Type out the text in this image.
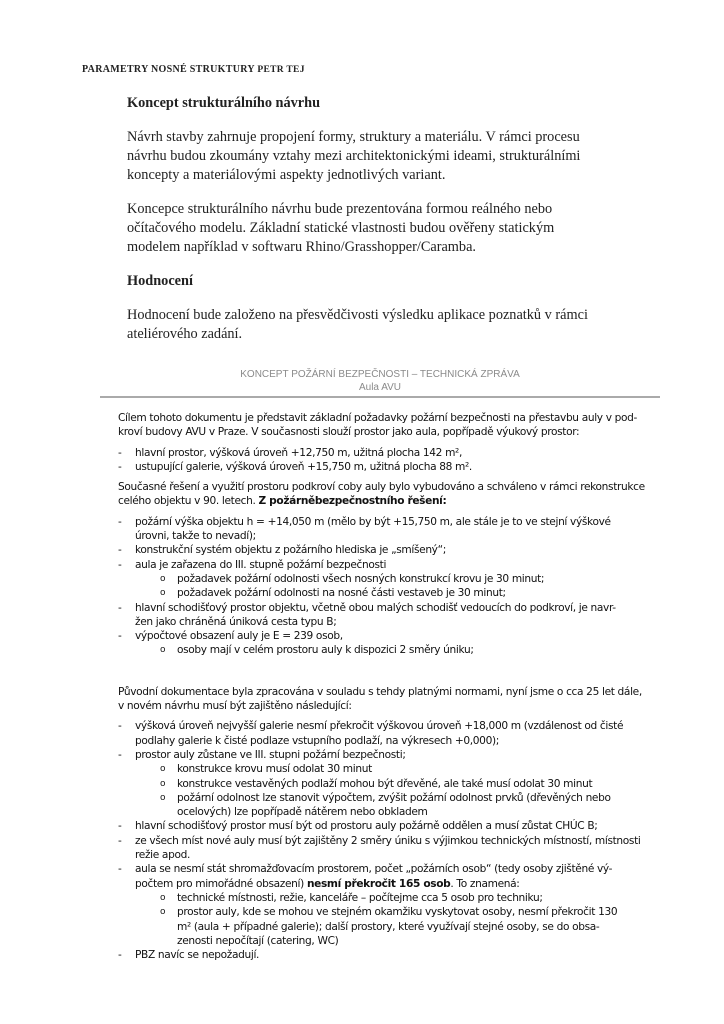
PARAMETRY NOSNÉ STRUKTURY PETR TEJ
Koncept strukturálního návrhu
Návrh stavby zahrnuje propojení formy, struktury a materiálu. V rámci procesu
návrhu budou zkoumány vztahy mezi architektonickými ideami, strukturálními
koncepty a materiálovými aspekty jednotlivých variant.
Koncepce strukturálního návrhu bude prezentována formou reálného nebo
očítačového modelu. Základní statické vlastnosti budou ověřeny statickým
modelem například v softwaru Rhino/Grasshopper/Caramba.
Hodnocení
Hodnocení bude založeno na přesvědčivosti výsledku aplikace poznatků v rámci
ateliérového zadání.
KONCEPT POŽÁRNÍ BEZPEČNOSTI – TECHNICKÁ ZPRÁVA
Aula AVU
Cílem tohoto dokumentu je představit základní požadavky požární bezpečnosti na přestavbu auly v pod-
kroví budovy AVU v Praze. V současnosti slouží prostor jako aula, popřípadě výukový prostor:
- hlavní prostor, výšková úroveň +12,750 m, užitná plocha 142 m²,
- ustupující galerie, výšková úroveň +15,750 m, užitná plocha 88 m².
Současné řešení a využití prostoru podkroví coby auly bylo vybudováno a schváleno v rámci rekonstrukce
celého objektu v 90. letech. Z požárněbezpečnostního řešení:
- požární výška objektu h = +14,050 m (mělo by být +15,750 m, ale stále je to ve stejní výškové
úrovni, takže to nevadí);
- konstrukční systém objektu z požárního hlediska je „smíšený“;
- aula je zařazena do III. stupně požární bezpečnosti
o požadavek požární odolnosti všech nosných konstrukcí krovu je 30 minut;
o požadavek požární odolnosti na nosné části vestaveb je 30 minut;
- hlavní schodišťový prostor objektu, včetně obou malých schodišť vedoucích do podkroví, je navr-
žen jako chráněná úniková cesta typu B;
- výpočtové obsazení auly je E = 239 osob,
o osoby mají v celém prostoru auly k dispozici 2 směry úniku;
Původní dokumentace byla zpracována v souladu s tehdy platnými normami, nyní jsme o cca 25 let dále,
v novém návrhu musí být zajištěno následující:
- výšková úroveň nejvyšší galerie nesmí překročit výškovou úroveň +18,000 m (vzdálenost od čisté
podlahy galerie k čisté podlaze vstupního podlaží, na výkresech +0,000);
- prostor auly zůstane ve III. stupni požární bezpečnosti;
o konstrukce krovu musí odolat 30 minut
o konstrukce vestavěných podlaží mohou být dřevěné, ale také musí odolat 30 minut
o požární odolnost lze stanovit výpočtem, zvýšit požární odolnost prvků (dřevěných nebo
ocelových) lze popřípadě nátěrem nebo obkladem
- hlavní schodišťový prostor musí být od prostoru auly požárně oddělen a musí zůstat CHÚC B;
- ze všech míst nové auly musí být zajištěny 2 směry úniku s výjimkou technických místností, místnosti
režie apod.
- aula se nesmí stát shromažďovacím prostorem, počet „požárních osob“ (tedy osoby zjištěné vý-
počtem pro mimořádné obsazení) nesmí překročit 165 osob. To znamená:
o technické místnosti, režie, kanceláře – počítejme cca 5 osob pro techniku;
o prostor auly, kde se mohou ve stejném okamžiku vyskytovat osoby, nesmí překročit 130
m² (aula + případné galerie); další prostory, které využívají stejné osoby, se do obsa-
zenosti nepočítají (catering, WC)
- PBZ navíc se nepožadují.
